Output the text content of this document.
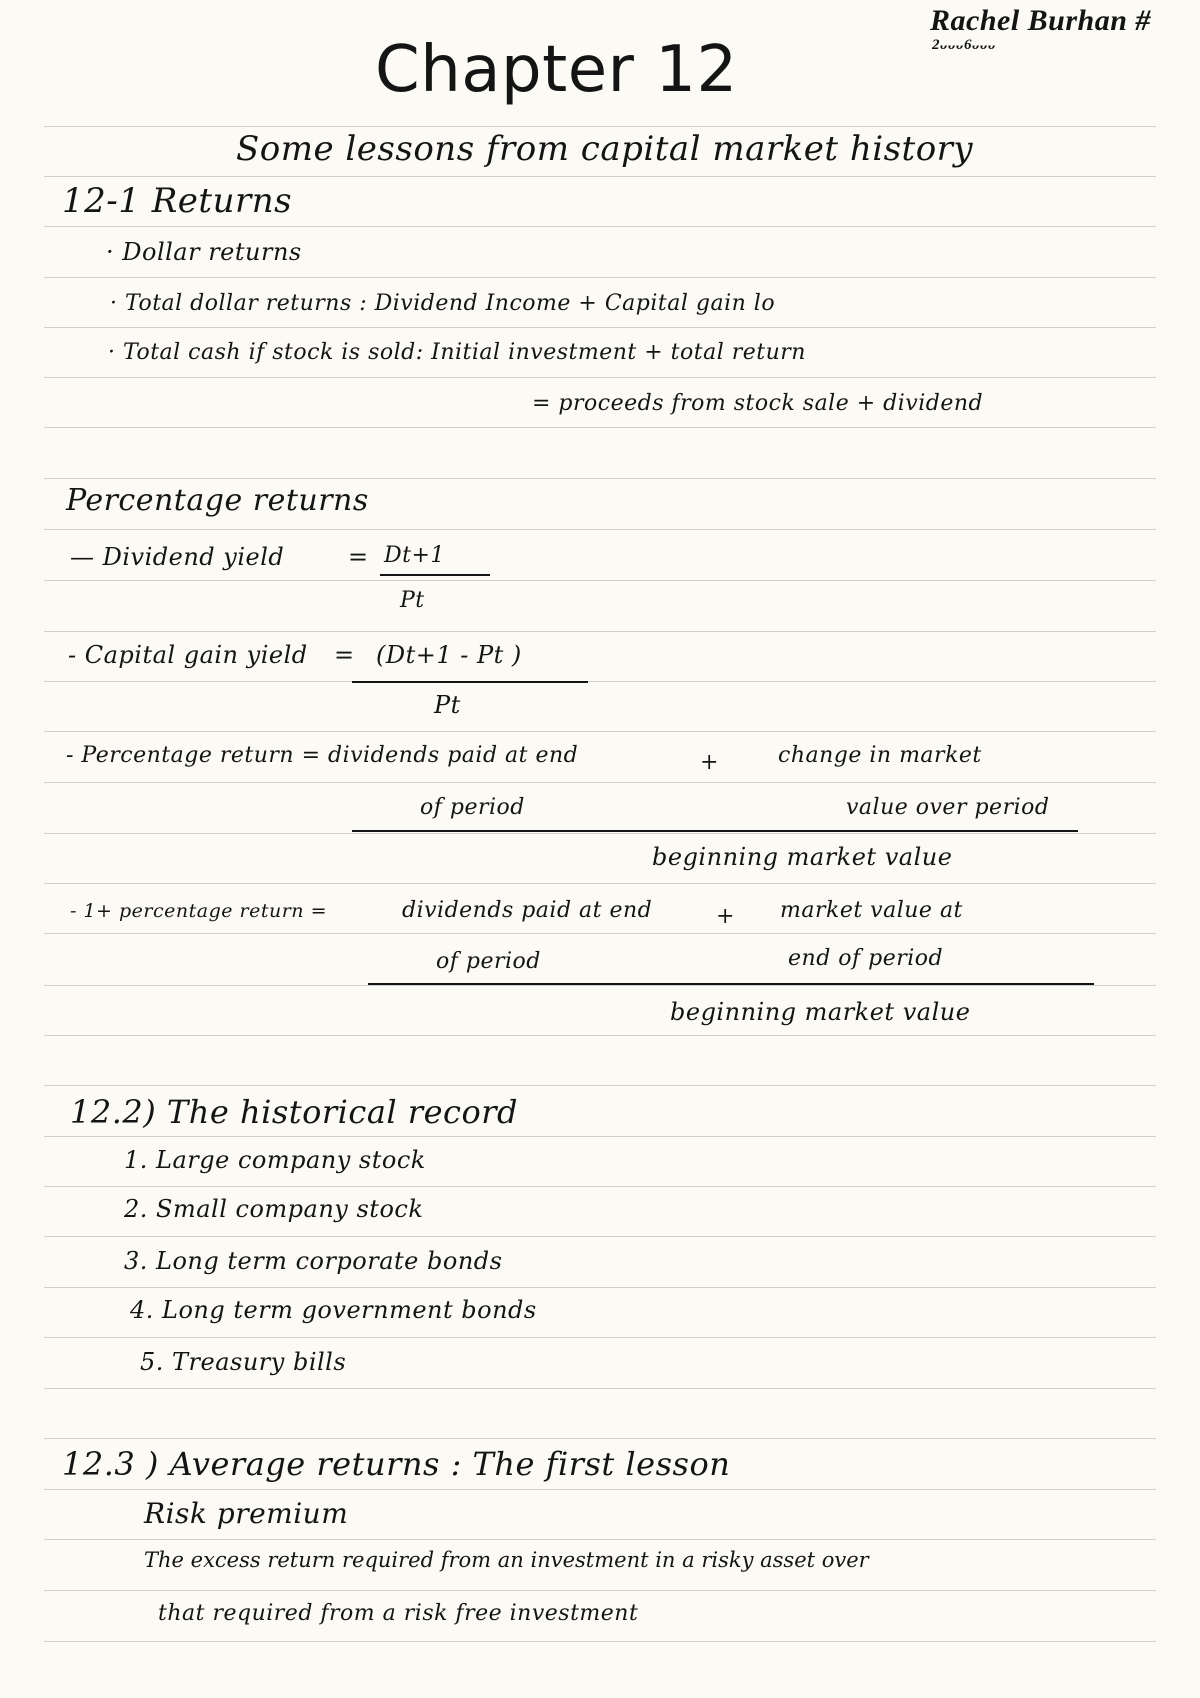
Rachel Burhan #
2ᴗᴗᴗ6ᴗᴗᴗ
Chapter 12
Some lessons from capital market history
12-1 Returns
· Dollar returns
· Total dollar returns : Dividend Income + Capital gain lo
· Total cash if stock is sold: Initial investment + total return
= proceeds from stock sale + dividend
Percentage returns
— Dividend yield	= Dt+1
Pt
- Capital gain yield = (Dt+1 - Pt )
Pt
- Percentage return = dividends paid at end	+	change in market
of period	value over period
beginning market value
- 1+ percentage return =	dividends paid at end	+ market value at
of period	end of period
beginning market value
12.2) The historical record
1. Large company stock
2. Small company stock
3. Long term corporate bonds
4. Long term government bonds
5. Treasury bills
12.3 ) Average returns : The first lesson
Risk premium
The excess return required from an investment in a risky asset over
that required from a risk free investment
